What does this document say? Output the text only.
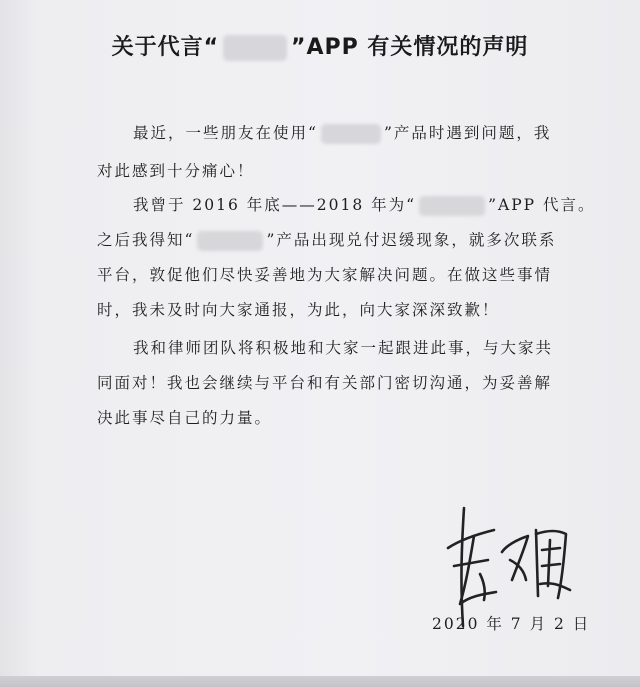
关于代言“	”APP 有关情况的声明
最近，一些朋友在使用“	”产品时遇到问题，我
对此感到十分痛心！
我曾于 2016 年底——2018 年为“	”APP 代言。
之后我得知“	”产品出现兑付迟缓现象，就多次联系
平台，敦促他们尽快妥善地为大家解决问题。在做这些事情
时，我未及时向大家通报，为此，向大家深深致歉！
我和律师团队将积极地和大家一起跟进此事，与大家共
同面对！我也会继续与平台和有关部门密切沟通，为妥善解
决此事尽自己的力量。
2020 年 7 月 2 日
